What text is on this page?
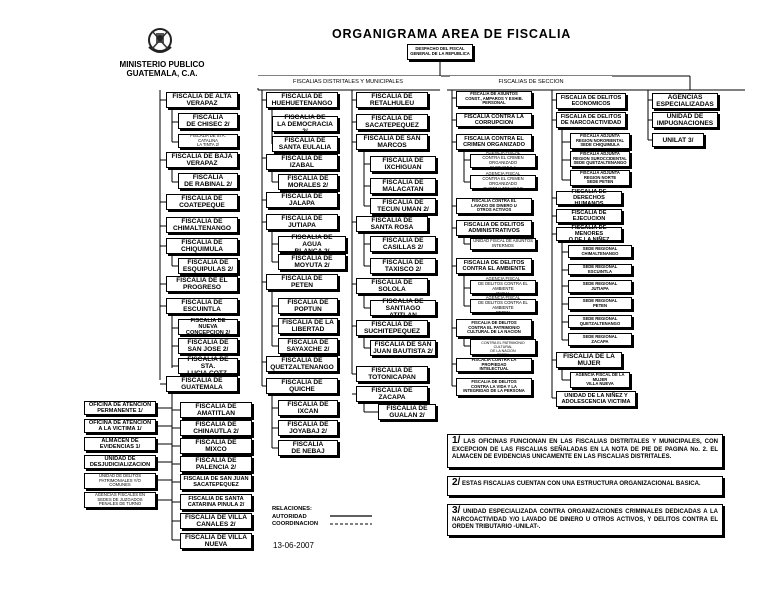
MINISTERIO PUBLICO
GUATEMALA, C.A.
ORGANIGRAMA AREA DE FISCALIA
DESPACHO DEL FISCAL
GENERAL DE LA REPUBLICA
FISCALIAS DISTRITALES Y MUNICIPALES	FISCALIAS DE SECCION
FISCALIA DE ALTA
VERAPAZ
FISCALIA
DE CHISEC 2/
FISCALIA DE STA. CATALINA
LA TINTA 2/
FISCALIA DE BAJA
VERAPAZ
FISCALIA
DE RABINAL 2/
FISCALIA DE
COATEPEQUE
FISCALIA DE
CHIMALTENANGO
FISCALIA DE
CHIQUIMULA
FISCALIA DE
ESQUIPULAS 2/
FISCALIA DE EL
PROGRESO
FISCALIA DE
ESCUINTLA
FISCALIA DE NUEVA
CONCEPCION 2/
FISCALIA DE
SAN JOSE 2/
FISCALIA DE STA.
LUCIA COTZ.
FISCALIA DE
GUATEMALA
FISCALIA DE
AMATITLAN
FISCALIA DE
CHINAUTLA 2/
FISCALIA DE
MIXCO
FISCALIA DE
PALENCIA 2/
FISCALIA DE SAN JUAN
SACATEPEQUEZ
FISCALIA DE SANTA
CATARINA PINULA 2/
FISCALIA DE VILLA
CANALES 2/
FISCALIA DE VILLA
NUEVA
OFICINA DE ATENCION
PERMANENTE 1/
OFICINA DE ATENCION
A LA VICTIMA 1/
ALMACEN DE
EVIDENCIAS 1/
UNIDAD DE
DESJUDICIALIZACION
UNIDAD DE DELITOS
PATRIMONIALES Y/O
COMUNES
AGENCIAS FISCALES EN
SEDES DE JUZGADOS
PENALES DE TURNO
FISCALIA DE
HUEHUETENANGO
FISCALIA DE
LA DEMOCRACIA 2/
FISCALIA DE
SANTA EULALIA
FISCALIA DE
IZABAL
FISCALIA DE
MORALES 2/
FISCALIA DE
JALAPA
FISCALIA DE
JUTIAPA
FISCALIA DE AGUA
BLANCA 2/
FISCALIA DE
MOYUTA 2/
FISCALIA DE
PETEN
FISCALIA DE
POPTUN
FISCALIA DE LA
LIBERTAD
FISCALIA DE
SAYAXCHE 2/
FISCALIA DE
QUETZALTENANGO
FISCALIA DE
QUICHE
FISCALIA DE
IXCAN
FISCALIA DE
JOYABAJ 2/
FISCALIA
DE NEBAJ
FISCALIA DE
RETALHULEU
FISCALIA DE
SACATEPEQUEZ
FISCALIA DE SAN
MARCOS
FISCALIA DE
IXCHIGUAN
FISCALIA DE
MALACATAN
FISCALIA DE
TECUN UMAN 2/
FISCALIA DE
SANTA ROSA
FISCALIA DE
CASILLAS 2/
FISCALIA DE
TAXISCO 2/
FISCALIA DE
SOLOLA
FISCALIA DE
SANTIAGO ATITLAN
FISCALIA DE
SUCHITEPEQUEZ
FISCALIA DE SAN
JUAN BAUTISTA 2/
FISCALIA DE
TOTONICAPAN
FISCALIA DE
ZACAPA
FISCALIA DE
GUALAN 2/
FISCALIA DE ASUNTOS
CONST., AMPAROS Y EXHIB.
PERSONAL
FISCALIA CONTRA LA
CORRUPCION
FISCALIA CONTRA EL
CRIMEN ORGANIZADO
AGENCIA FISCAL
CONTRA EL CRIMEN ORGANIZADO
CHIQUIMULA
AGENCIA FISCAL
CONTRA EL CRIMEN ORGANIZADO
QUETZALTENANGO
FISCALIA CONTRA EL
LAVADO DE DINERO U
OTROS ACTIVOS
FISCALIA DE DELITOS
ADMINISTRATIVOS
UNIDAD FISCAL DE ASUNTOS
INTERNOS
FISCALIA DE DELITOS
CONTRA EL AMBIENTE
AGENCIA FISCAL
DE DELITOS CONTRA EL AMBIENTE
IZABAL
AGENCIA FISCAL
DE DELITOS CONTRA EL AMBIENTE
PETEN
FISCALIA DE DELITOS
CONTRA EL PATRIMONIO
CULTURAL DE LA NACION
AGENCIA FISCAL DE DELITOS
CONTRA EL PATRIMONIO CULTURAL
DE LA NACION
PETEN
FISCALIA CONTRA LA PROPIEDAD
INTELECTUAL
FISCALIA DE DELITOS
CONTRA LA VIDA Y LA
INTEGRIDAD DE LA PERSONA
FISCALIA DE DELITOS
ECONOMICOS
FISCALIA DE DELITOS
DE NARCOACTIVIDAD
FISCALIA ADJUNTA
REGION NORORIENTAL
SEDE CHIQUIMULA
FISCALIA ADJUNTA
REGION SUROCCIDENTAL
SEDE QUETZALTENANGO
FISCALIA ADJUNTA
REGION NORTE
SEDE PETEN
FISCALIA DE
DERECHOS HUMANOS
FISCALIA DE
EJECUCION
FISCALIA DE MENORES
O DE LA NIÑEZ
SEDE REGIONAL
CHIMALTENANGO
SEDE REGIONAL ESCUINTLA
SEDE REGIONAL
JUTIAPA
SEDE REGIONAL
PETEN
SEDE REGIONAL
QUETZALTENANGO
SEDE REGIONAL
ZACAPA
FISCALIA DE LA
MUJER
AGENCIA FISCAL DE LA
MUJER
VILLA NUEVA
UNIDAD DE LA NIÑEZ Y
ADOLESCENCIA VICTIMA
AGENCIAS
ESPECIALIZADAS
UNIDAD DE
IMPUGNACIONES
UNILAT 3/
1/ LAS OFICINAS FUNCIONAN EN LAS FISCALIAS DISTRITALES Y MUNICIPALES, CON EXCEPCION DE LAS FISCALIAS SEÑALADAS EN LA NOTA DE PIE DE PAGINA No. 2. EL ALMACEN DE EVIDENCIAS UNICAMENTE EN LAS FISCALIAS DISTRITALES.
2/ ESTAS FISCALIAS CUENTAN CON UNA ESTRUCTURA ORGANIZACIONAL BASICA.
3/ UNIDAD ESPECIALIZADA CONTRA ORGANIZACIONES CRIMINALES DEDICADAS A LA NARCOACTIVIDAD Y/O LAVADO DE DINERO U OTROS ACTIVOS, Y DELITOS CONTRA EL ORDEN TRIBUTARIO -UNILAT-.
RELACIONES:
AUTORIDAD
COORDINACION
13-06-2007
